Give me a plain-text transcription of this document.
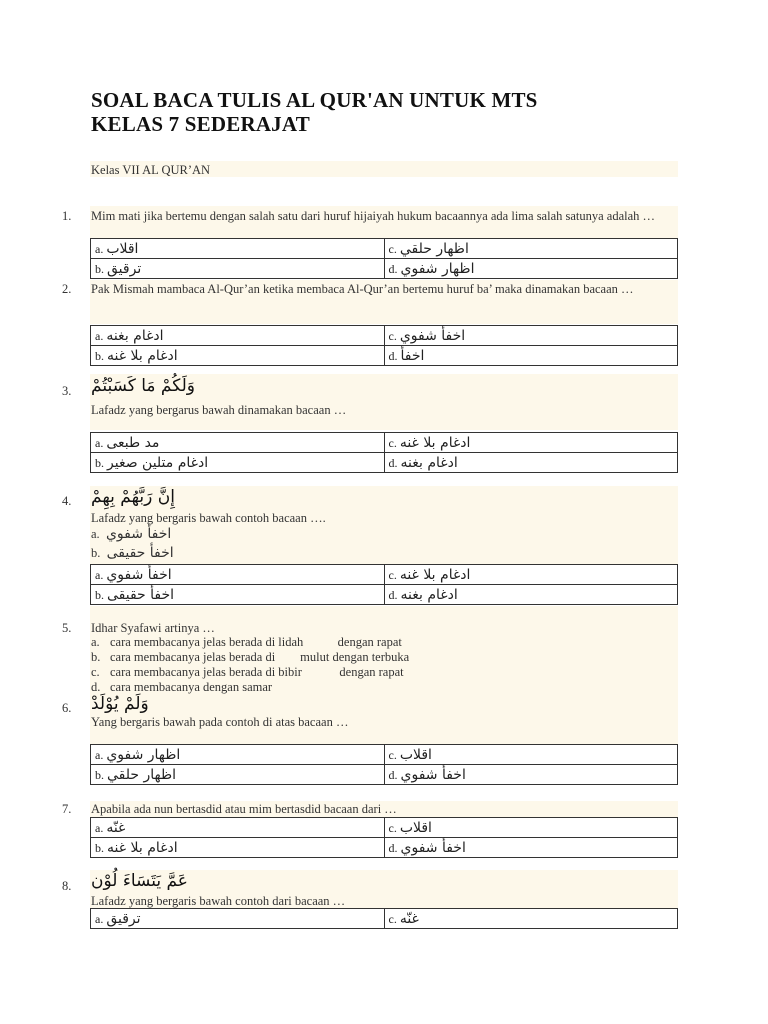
SOAL BACA TULIS AL QUR'AN UNTUK MTS
KELAS 7 SEDERAJAT
Kelas VII AL QUR’AN
1. Mim mati jika bertemu dengan salah satu dari huruf hijaiyah hukum bacaannya ada lima salah satunya adalah …
a. اقلاب	c. اظهار حلقي
b. ترقيق	d. اظهار شفوي
2. Pak Mismah mambaca Al-Qur’an ketika membaca Al-Qur’an bertemu huruf ba’ maka dinamakan bacaan …
a. ادغام بغنه	c. اخفأ شفوي
b. ادغام بلا غنه	d. اخفأ
3. وَلَكُمْ مَا كَسَبْتُمْ
Lafadz yang bergarus bawah dinamakan bacaan …
a. مد طبعى	c. ادغام بلا غنه
b. ادغام متلين صغير	d. ادغام بغنه
4. إِنَّ رَبَّهُمْ بِهِمْ
Lafadz yang bergaris bawah contoh bacaan ….
a. اخفأ شفوي
b. اخفأ حقيقى
a. اخفأ شفوي	c. ادغام بلا غنه
b. اخفأ حقيقى	d. ادغام بغنه
5. Idhar Syafawi artinya …
a. cara membacanya jelas berada di lidah           dengan rapat
b. cara membacanya jelas berada di        mulut dengan terbuka
c. cara membacanya jelas berada di bibir            dengan rapat
d. cara membacanya dengan samar
6. وَلَمْ يُوْلَدْ
Yang bergaris bawah pada contoh di atas bacaan …
a. اظهار شفوي	c. اقلاب
b. اظهار حلقي	d. اخفأ شفوي
7. Apabila ada nun bertasdid atau mim bertasdid bacaan dari …
a. غنّه	c. اقلاب
b. ادغام بلا غنه	d. اخفأ شفوي
8. عَمَّ يَتَسَاءَ لُوْن
Lafadz yang bergaris bawah contoh dari bacaan …
a. ترقيق	c. غنّه
